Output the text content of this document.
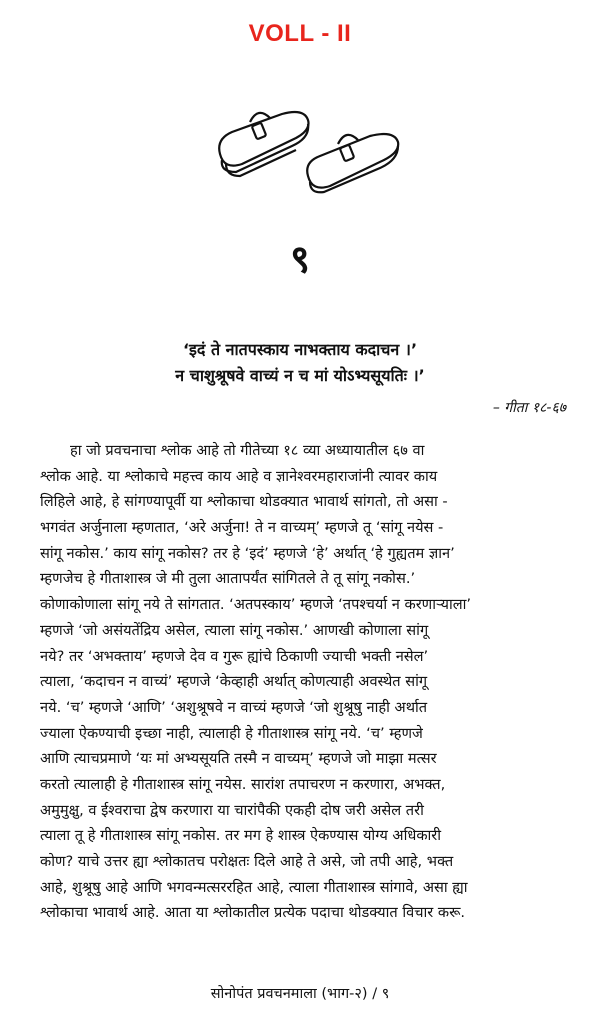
VOLL - II
९
‘इदं ते नातपस्काय नाभक्ताय कदाचन ।’
न चाशुश्रूषवे वाच्यं न च मां योऽभ्यसूयतिः ।’
– गीता १८-६७
हा जो प्रवचनाचा श्लोक आहे तो गीतेच्या १८ व्या अध्यायातील ६७ वा
श्लोक आहे. या श्लोकाचे महत्त्व काय आहे व ज्ञानेश्वरमहाराजांनी त्यावर काय
लिहिले आहे, हे सांगण्यापूर्वी या श्लोकाचा थोडक्यात भावार्थ सांगतो, तो असा -
भगवंत अर्जुनाला म्हणतात, ‘अरे अर्जुना! ते न वाच्यम्’ म्हणजे तू ‘सांगू नयेस -
सांगू नकोस.’ काय सांगू नकोस? तर हे ‘इदं’ म्हणजे ‘हे’ अर्थात् ‘हे गुह्यतम ज्ञान’
म्हणजेच हे गीताशास्त्र जे मी तुला आतापर्यंत सांगितले ते तू सांगू नकोस.’
कोणाकोणाला सांगू नये ते सांगतात. ‘अतपस्काय’ म्हणजे ‘तपश्चर्या न करणाऱ्याला’
म्हणजे ‘जो असंयतेंद्रिय असेल, त्याला सांगू नकोस.’ आणखी कोणाला सांगू
नये? तर ‘अभक्ताय’ म्हणजे देव व गुरू ह्यांचे ठिकाणी ज्याची भक्ती नसेल’
त्याला, ‘कदाचन न वाच्यं’ म्हणजे ‘केव्हाही अर्थात् कोणत्याही अवस्थेत सांगू
नये. ‘च’ म्हणजे ‘आणि’ ‘अशुश्रूषवे न वाच्यं म्हणजे ‘जो शुश्रूषु नाही अर्थात
ज्याला ऐकण्याची इच्छा नाही, त्यालाही हे गीताशास्त्र सांगू नये. ‘च’ म्हणजे
आणि त्याचप्रमाणे ‘यः मां अभ्यसूयति तस्मै न वाच्यम्’ म्हणजे जो माझा मत्सर
करतो त्यालाही हे गीताशास्त्र सांगू नयेस. सारांश तपाचरण न करणारा, अभक्त,
अमुमुक्षु, व ईश्वराचा द्वेष करणारा या चारांपैकी एकही दोष जरी असेल तरी
त्याला तू हे गीताशास्त्र सांगू नकोस. तर मग हे शास्त्र ऐकण्यास योग्य अधिकारी
कोण? याचे उत्तर ह्या श्लोकातच परोक्षतः दिले आहे ते असे, जो तपी आहे, भक्त
आहे, शुश्रूषु आहे आणि भगवन्मत्सररहित आहे, त्याला गीताशास्त्र सांगावे, असा ह्या
श्लोकाचा भावार्थ आहे. आता या श्लोकातील प्रत्येक पदाचा थोडक्यात विचार करू.
सोनोपंत प्रवचनमाला (भाग-२) / ९
